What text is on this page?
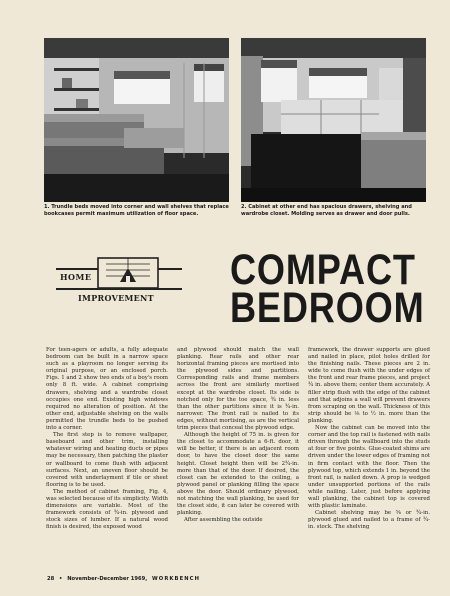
1. Trundle beds moved into corner and wall shelves that replace bookcases permit maximum utilization of floor space.

2. Cabinet at other end has spacious drawers, shelving and wardrobe closet. Molding serves as drawer and door pulls.

HOME
IMPROVEMENT
COMPACT
BEDROOM

For teen-agers or adults, a fully adequate bedroom can be built in a narrow space such as a playroom no longer serving its original purpose, or an enclosed porch. Figs. 1 and 2 show two ends of a boy's room only 8 ft. wide. A cabinet comprising drawers, shelving and a wardrobe closet occupies one end. Existing high windows required no alteration of position. At the other end, adjustable shelving on the walls permitted the trundle beds to be pushed into a corner.

The first step is to remove wallpaper, baseboard and other trim, installing whatever wiring and heating ducts or pipes may be necessary, then patching the plaster or wallboard to come flush with adjacent surfaces. Next, an uneven floor should be covered with underlayment if tile or sheet flooring is to be used.

The method of cabinet framing, Fig. 4, was selected because of its simplicity. Width dimensions are variable. Most of the framework consists of ¾-in. plywood and stock sizes of lumber. If a natural wood finish is desired, the exposed wood

and plywood should match the wall planking. Rear rails and other rear horizontal framing pieces are mortised into the plywood sides and partitions. Corresponding rails and frame members across the front are similarly mortised except at the wardrobe closet. Its side is notched only for the toe space, ¾ in. less than the other partitions since it is ¾-in. narrower. The front rail is nailed to its edges, without mortising, as are the vertical trim pieces that conceal the plywood edge.

Although the height of 75 in. is given for the closet to accommodate a 6-ft. door, it will be better, if there is an adjacent room door, to have the closet door the same height. Closet height then will be 2¾-in. more than that of the door. If desired, the closet can be extended to the ceiling, a plywood panel or planking filling the space above the door. Should ordinary plywood, not matching the wall planking, be used for the closet side, it can later be covered with planking.

After assembling the outside

framework, the drawer supports are glued and nailed in place, pilot holes drilled for the finishing nails. These pieces are 2 in. wide to come flush with the under edges of the front and rear frame pieces, and project ¾ in. above them; center them accurately. A filler strip flush with the edge of the cabinet and that adjoins a wall will prevent drawers from scraping on the wall. Thickness of this strip should be ⅛ to ½ in. more than the planking.

Now the cabinet can be moved into the corner and the top rail is fastened with nails driven through the wallboard into the studs at four or five points. Glue-coated shims are driven under the lower edges of framing not in firm contact with the floor. Then the plywood top, which extends 1 in. beyond the front rail, is nailed down. A prop is wedged under unsupported portions of the rails while nailing. Later, just before applying wall planking, the cabinet top is covered with plastic laminate.

Cabinet shelving may be ⅝ or ¾-in. plywood glued and nailed to a frame of ¾-in. stock. The shelving

28 • November-December 1969, WORKBENCH
